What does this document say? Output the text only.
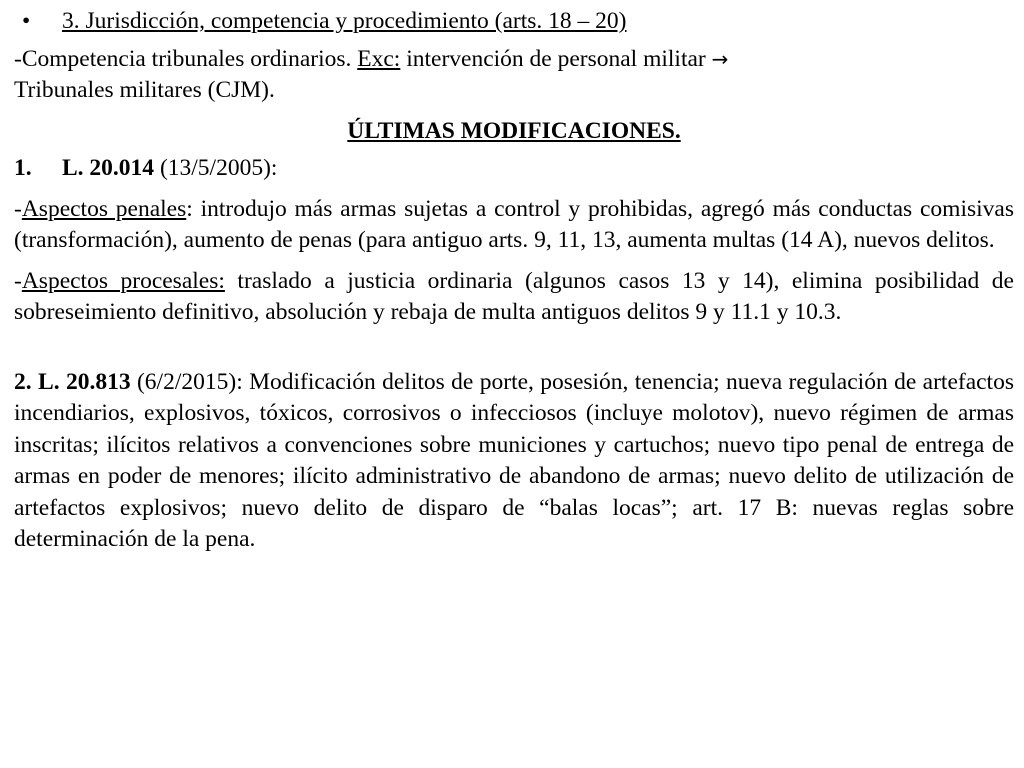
•	3. Jurisdicción, competencia y procedimiento (arts. 18 – 20)

-Competencia tribunales ordinarios. Exc: intervención de personal militar →
Tribunales militares (CJM).

ÚLTIMAS MODIFICACIONES.

1. L. 20.014 (13/5/2005):

-Aspectos penales: introdujo más armas sujetas a control y prohibidas, agregó más conductas comisivas (transformación), aumento de penas (para antiguo arts. 9, 11, 13, aumenta multas (14 A), nuevos delitos.

-Aspectos procesales: traslado a justicia ordinaria (algunos casos 13 y 14), elimina posibilidad de sobreseimiento definitivo, absolución y rebaja de multa antiguos delitos 9 y 11.1 y 10.3.

2. L. 20.813 (6/2/2015): Modificación delitos de porte, posesión, tenencia; nueva regulación de artefactos incendiarios, explosivos, tóxicos, corrosivos o infecciosos (incluye molotov), nuevo régimen de armas inscritas; ilícitos relativos a convenciones sobre municiones y cartuchos; nuevo tipo penal de entrega de armas en poder de menores; ilícito administrativo de abandono de armas; nuevo delito de utilización de artefactos explosivos; nuevo delito de disparo de “balas locas”; art. 17 B: nuevas reglas sobre determinación de la pena.
